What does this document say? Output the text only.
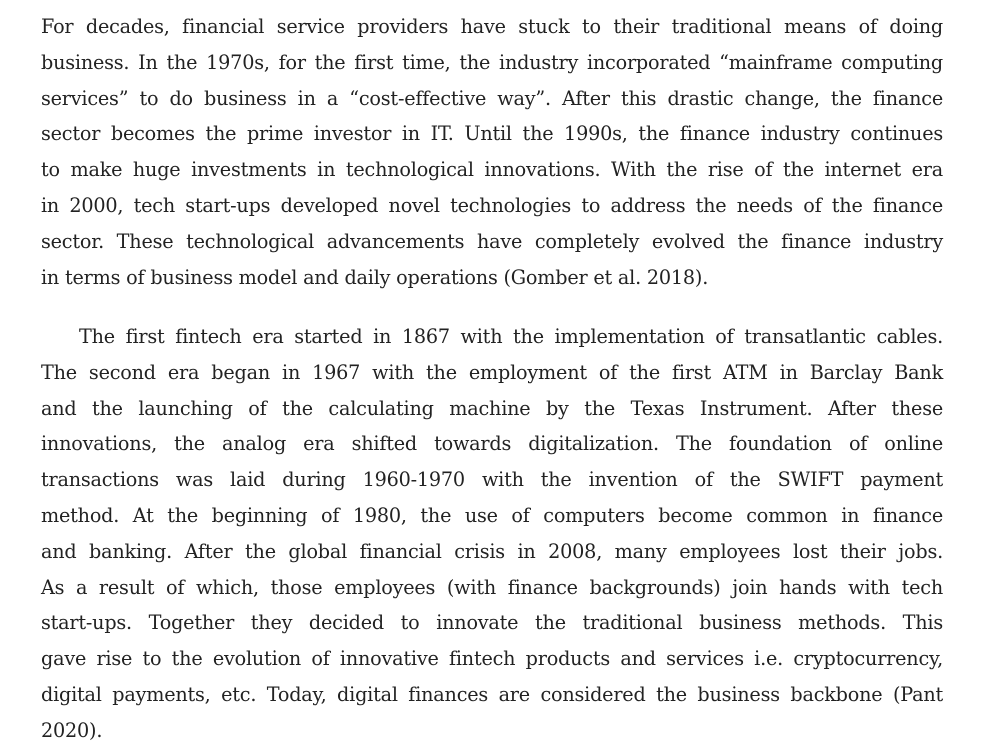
For decades, financial service providers have stuck to their traditional means of doing
business. In the 1970s, for the first time, the industry incorporated “mainframe computing
services” to do business in a “cost-effective way”. After this drastic change, the finance
sector becomes the prime investor in IT. Until the 1990s, the finance industry continues
to make huge investments in technological innovations. With the rise of the internet era
in 2000, tech start-ups developed novel technologies to address the needs of the finance
sector. These technological advancements have completely evolved the finance industry
in terms of business model and daily operations (Gomber et al. 2018).
The first fintech era started in 1867 with the implementation of transatlantic cables.
The second era began in 1967 with the employment of the first ATM in Barclay Bank
and the launching of the calculating machine by the Texas Instrument. After these
innovations, the analog era shifted towards digitalization. The foundation of online
transactions was laid during 1960-1970 with the invention of the SWIFT payment
method. At the beginning of 1980, the use of computers become common in finance
and banking. After the global financial crisis in 2008, many employees lost their jobs.
As a result of which, those employees (with finance backgrounds) join hands with tech
start-ups. Together they decided to innovate the traditional business methods. This
gave rise to the evolution of innovative fintech products and services i.e. cryptocurrency,
digital payments, etc. Today, digital finances are considered the business backbone (Pant
2020).
